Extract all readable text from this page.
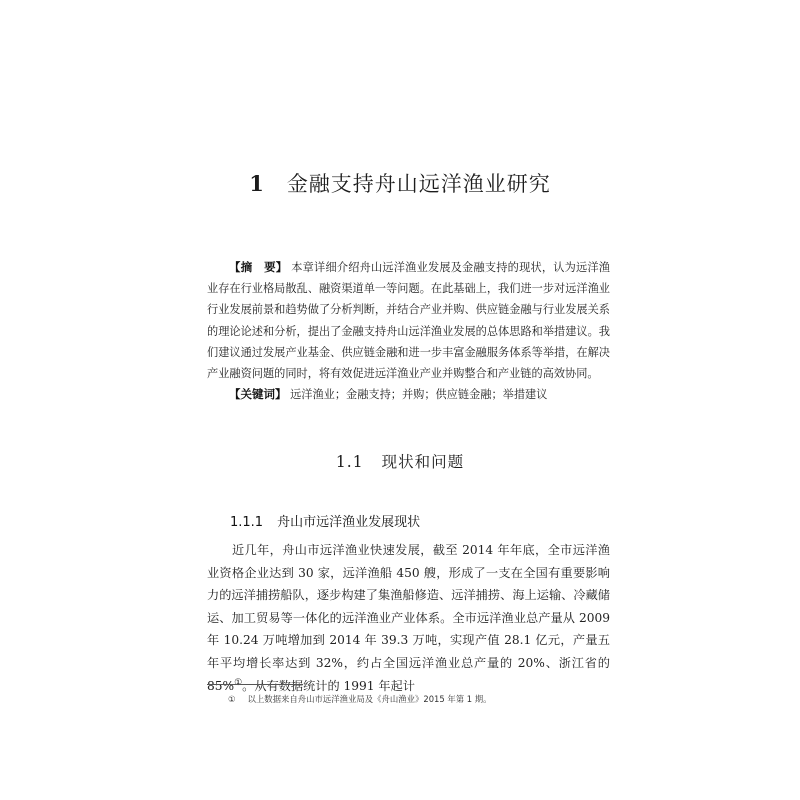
1 金融支持舟山远洋渔业研究

【摘　要】 本章详细介绍舟山远洋渔业发展及金融支持的现状，认为远洋渔业存在行业格局散乱、融资渠道单一等问题。在此基础上，我们进一步对远洋渔业行业发展前景和趋势做了分析判断，并结合产业并购、供应链金融与行业发展关系的理论论述和分析，提出了金融支持舟山远洋渔业发展的总体思路和举措建议。我们建议通过发展产业基金、供应链金融和进一步丰富金融服务体系等举措，在解决产业融资问题的同时，将有效促进远洋渔业产业并购整合和产业链的高效协同。

【关键词】 远洋渔业；金融支持；并购；供应链金融；举措建议

1.1 现状和问题
1.1.1 舟山市远洋渔业发展现状

近几年，舟山市远洋渔业快速发展，截至 2014 年年底，全市远洋渔业资格企业达到 30 家，远洋渔船 450 艘，形成了一支在全国有重要影响力的远洋捕捞船队，逐步构建了集渔船修造、远洋捕捞、海上运输、冷藏储运、加工贸易等一体化的远洋渔业产业体系。全市远洋渔业总产量从 2009 年 10.24 万吨增加到 2014 年 39.3 万吨，实现产值 28.1 亿元，产量五年平均增长率达到 32%，约占全国远洋渔业总产量的 20%、浙江省的 85%①。从有数据统计的 1991 年起计

① 以上数据来自舟山市远洋渔业局及《舟山渔业》2015 年第 1 期。
